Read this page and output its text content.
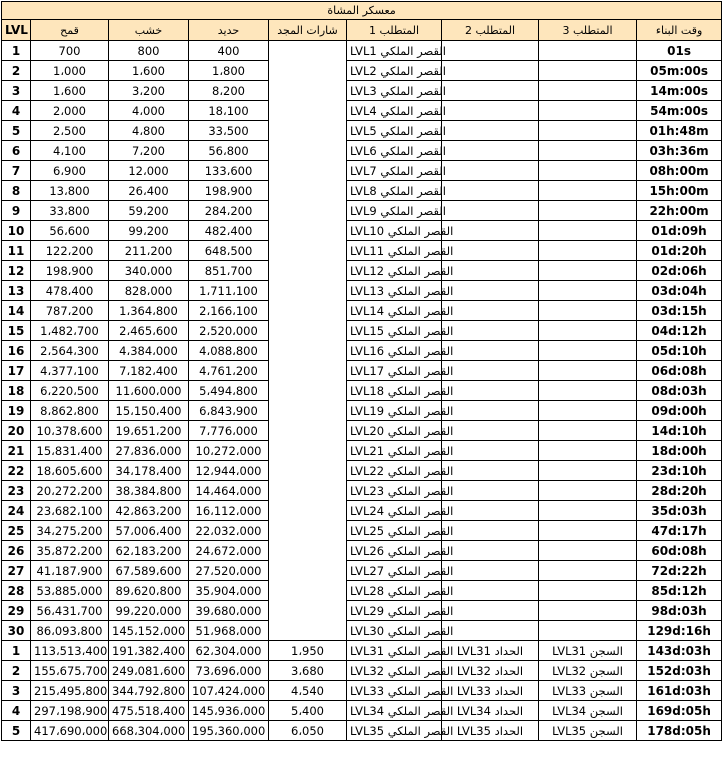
معسكر المشاة								
LVL	قمح	خشب	حديد	شارات المجد	المتطلب 1	المتطلب 2	المتطلب 3	وقت البناء
1	700	800	400		LVL1 القصر الملكي			01s
2	1،000	1،600	1،800		LVL2 القصر الملكي			05m:00s
3	1،600	3،200	8،200		LVL3 القصر الملكي			14m:00s
4	2،000	4،000	18،100		LVL4 القصر الملكي			54m:00s
5	2،500	4،800	33،500		LVL5 القصر الملكي			01h:48m
6	4،100	7،200	56،800		LVL6 القصر الملكي			03h:36m
7	6،900	12،000	133،600		LVL7 القصر الملكي			08h:00m
8	13،800	26،400	198،900		LVL8 القصر الملكي			15h:00m
9	33،800	59،200	284،200		LVL9 القصر الملكي			22h:00m
10	56،600	99،200	482،400		LVL10 القصر الملكي			01d:09h
11	122،200	211،200	648،500		LVL11 القصر الملكي			01d:20h
12	198،900	340،000	851،700		LVL12 القصر الملكي			02d:06h
13	478،400	828،000	1،711،100		LVL13 القصر الملكي			03d:04h
14	787،200	1،364،800	2،166،100		LVL14 القصر الملكي			03d:15h
15	1،482،700	2،465،600	2،520،000		LVL15 القصر الملكي			04d:12h
16	2،564،300	4،384،000	4،088،800		LVL16 القصر الملكي			05d:10h
17	4،377،100	7،182،400	4،761،200		LVL17 القصر الملكي			06d:08h
18	6،220،500	11،600،000	5،494،800		LVL18 القصر الملكي			08d:03h
19	8،862،800	15،150،400	6،843،900		LVL19 القصر الملكي			09d:00h
20	10،378،600	19،651،200	7،776،000		LVL20 القصر الملكي			14d:10h
21	15،831،400	27،836،000	10،272،000		LVL21 القصر الملكي			18d:00h
22	18،605،600	34،178،400	12،944،000		LVL22 القصر الملكي			23d:10h
23	20،272،200	38،384،800	14،464،000		LVL23 القصر الملكي			28d:20h
24	23،682،100	42،863،200	16،112،000		LVL24 القصر الملكي			35d:03h
25	34،275،200	57،006،400	22،032،000		LVL25 القصر الملكي			47d:17h
26	35،872،200	62،183،200	24،672،000		LVL26 القصر الملكي			60d:08h
27	41،187،900	67،589،600	27،520،000		LVL27 القصر الملكي			72d:22h
28	53،885،000	89،620،800	35،904،000		LVL28 القصر الملكي			85d:12h
29	56،431،700	99،220،000	39،680،000		LVL29 القصر الملكي			98d:03h
30	86،093،800	145،152،000	51،968،000		LVL30 القصر الملكي			129d:16h
1	113،513،400	191،382،400	62،304،000	1،950	LVL31 القصر الملكي	LVL31 الحداد	LVL31 السجن	143d:03h
2	155،675،700	249،081،600	73،696،000	3،680	LVL32 القصر الملكي	LVL32 الحداد	LVL32 السجن	152d:03h
3	215،495،800	344،792،800	107،424،000	4،540	LVL33 القصر الملكي	LVL33 الحداد	LVL33 السجن	161d:03h
4	297،198،900	475،518،400	145،936،000	5،400	LVL34 القصر الملكي	LVL34 الحداد	LVL34 السجن	169d:05h
5	417،690،000	668،304،000	195،360،000	6،050	LVL35 القصر الملكي	LVL35 الحداد	LVL35 السجن	178d:05h
